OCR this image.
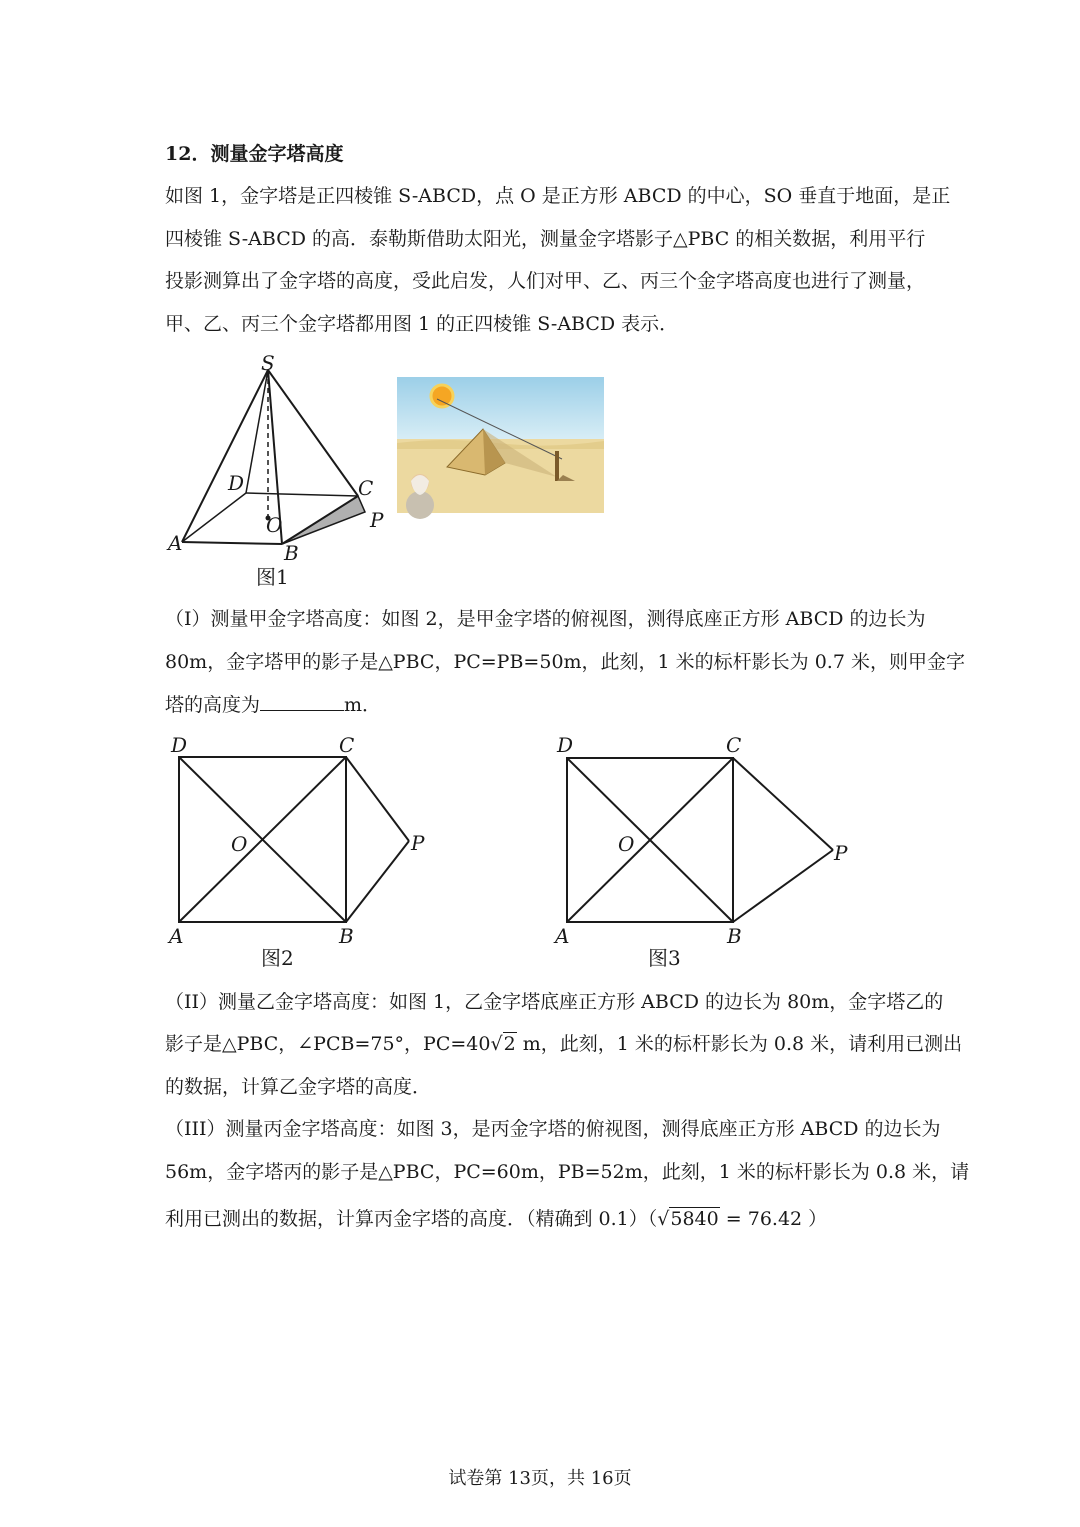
12．测量金字塔高度
如图 1，金字塔是正四棱锥 S-ABCD，点 O 是正方形 ABCD 的中心，SO 垂直于地面，是正
四棱锥 S-ABCD 的高．泰勒斯借助太阳光，测量金字塔影子△PBC 的相关数据，利用平行
投影测算出了金字塔的高度，受此启发，人们对甲、乙、丙三个金字塔高度也进行了测量，
甲、乙、丙三个金字塔都用图 1 的正四棱锥 S-ABCD 表示．
S
D	C
O	P
A	B
图1
（I）测量甲金字塔高度：如图 2，是甲金字塔的俯视图，测得底座正方形 ABCD 的边长为
80m，金字塔甲的影子是△PBC，PC=PB=50m，此刻，1 米的标杆影长为 0.7 米，则甲金字
塔的高度为	m．
D	C
O	P
A	B
图2
D	C
O	P
A	B
图3
（II）测量乙金字塔高度：如图 1，乙金字塔底座正方形 ABCD 的边长为 80m，金字塔乙的
影子是△PBC，∠PCB=75°，PC=40√2 m，此刻，1 米的标杆影长为 0.8 米，请利用已测出
的数据，计算乙金字塔的高度．
（III）测量丙金字塔高度：如图 3，是丙金字塔的俯视图，测得底座正方形 ABCD 的边长为
56m，金字塔丙的影子是△PBC，PC=60m，PB=52m，此刻，1 米的标杆影长为 0.8 米，请
利用已测出的数据，计算丙金字塔的高度．（精确到 0.1）（√5840 = 76.42 ）
试卷第 13页，共 16页
